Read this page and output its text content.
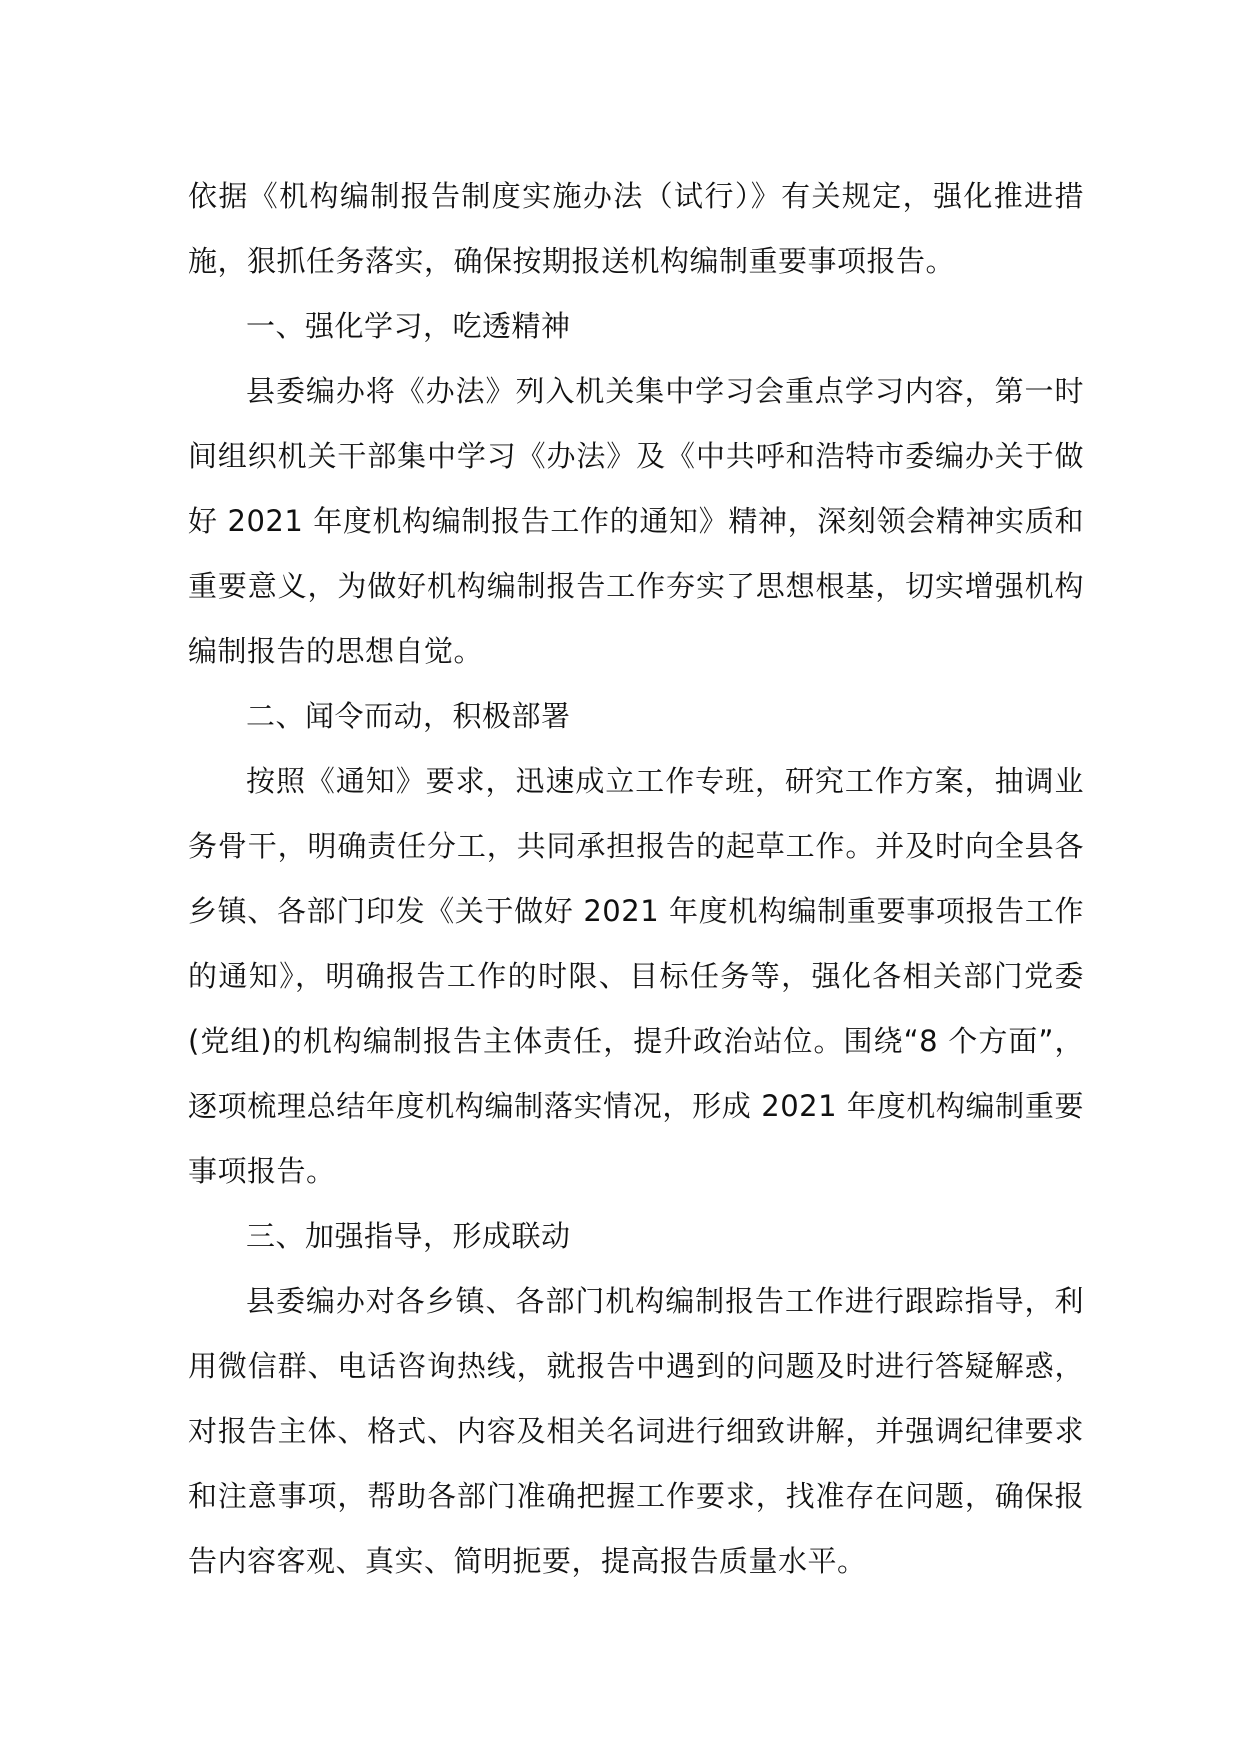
依据《机构编制报告制度实施办法（试行）》有关规定，强化推进措施，狠抓任务落实，确保按期报送机构编制重要事项报告。

一、强化学习，吃透精神

县委编办将《办法》列入机关集中学习会重点学习内容，第一时间组织机关干部集中学习《办法》及《中共呼和浩特市委编办关于做好 2021 年度机构编制报告工作的通知》精神，深刻领会精神实质和重要意义，为做好机构编制报告工作夯实了思想根基，切实增强机构编制报告的思想自觉。

二、闻令而动，积极部署

按照《通知》要求，迅速成立工作专班，研究工作方案，抽调业务骨干，明确责任分工，共同承担报告的起草工作。并及时向全县各乡镇、各部门印发《关于做好 2021 年度机构编制重要事项报告工作的通知》，明确报告工作的时限、目标任务等，强化各相关部门党委(党组)的机构编制报告主体责任，提升政治站位。围绕“8 个方面”，逐项梳理总结年度机构编制落实情况，形成 2021 年度机构编制重要事项报告。

三、加强指导，形成联动

县委编办对各乡镇、各部门机构编制报告工作进行跟踪指导，利用微信群、电话咨询热线，就报告中遇到的问题及时进行答疑解惑，对报告主体、格式、内容及相关名词进行细致讲解，并强调纪律要求和注意事项，帮助各部门准确把握工作要求，找准存在问题，确保报告内容客观、真实、简明扼要，提高报告质量水平。
